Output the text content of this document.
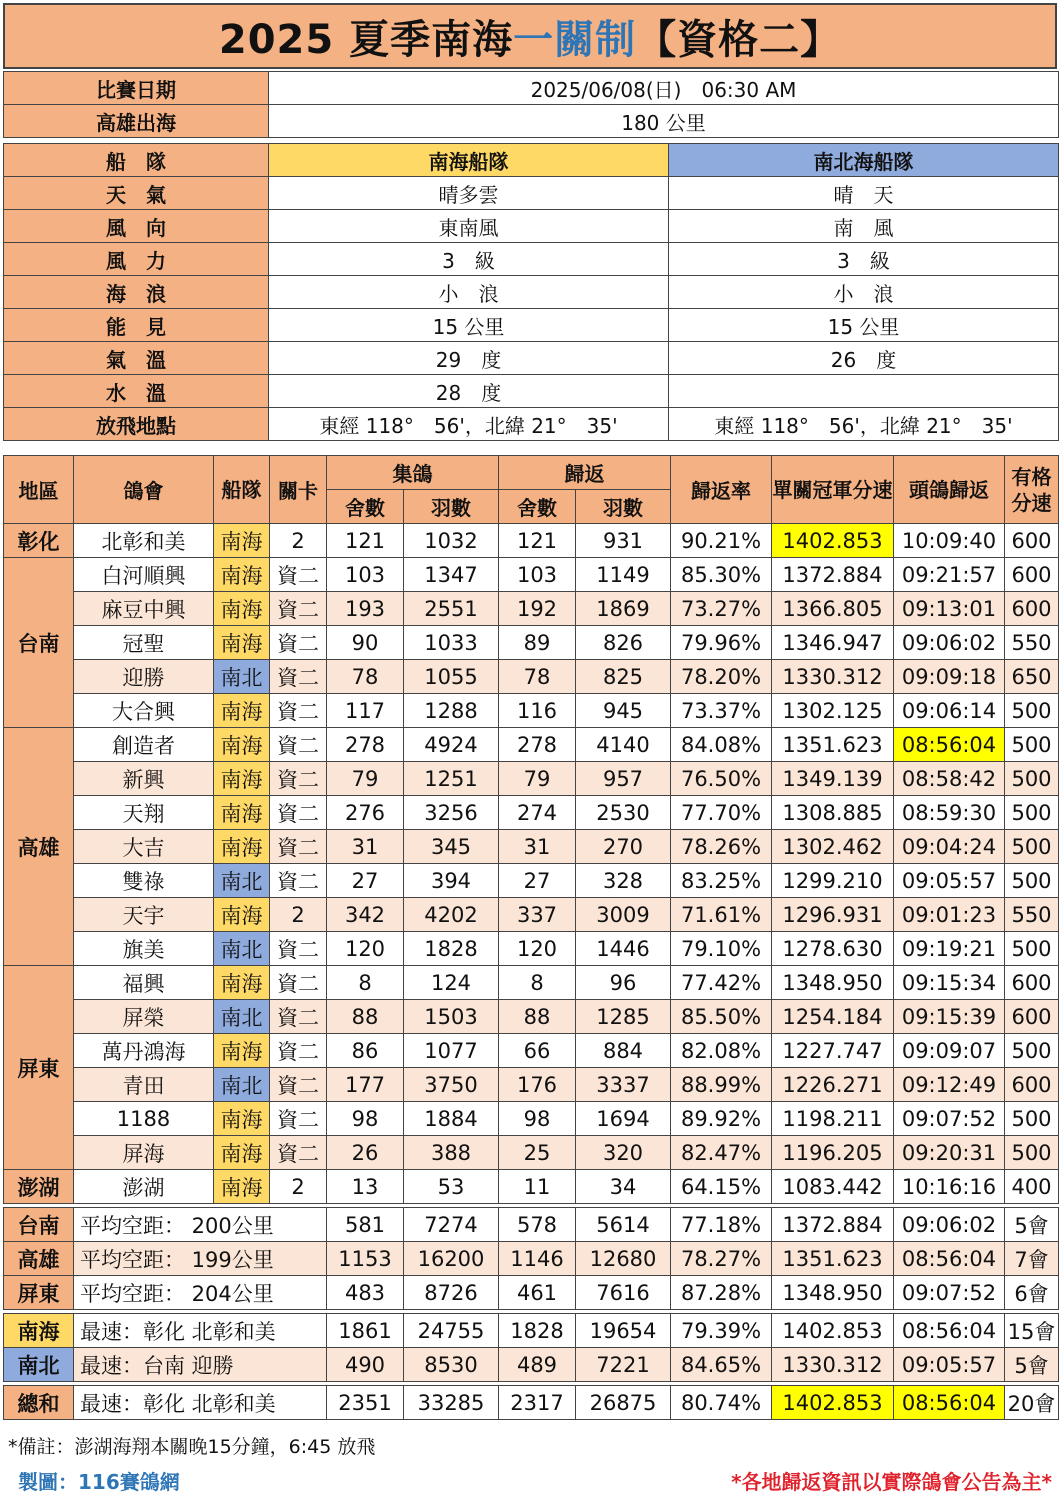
2025 夏季南海 一關制 【資格二】
比賽日期	2025/06/08(日)　06:30 AM
高雄出海	180 公里
船　隊	南海船隊	南北海船隊
天　氣	晴多雲	晴　天
風　向	東南風	南　風
風　力	3　級	3　級
海　浪	小　浪	小　浪
能　見	15 公里	15 公里
氣　溫	29　度	26　度
水　溫	28　度	
放飛地點	東經 118°　56'，北緯 21°　35'	東經 118°　56'，北緯 21°　35'
地區	鴿會	船隊	關卡	集鴿		歸返		歸返率	單關冠軍分速	頭鴿歸返	有格分速
				舍數	羽數	舍數	羽數				
彰化	北彰和美	南海	2	121	1032	121	931	90.21%	1402.853	10:09:40	600
台南	白河順興	南海	資二	103	1347	103	1149	85.30%	1372.884	09:21:57	600
	麻豆中興	南海	資二	193	2551	192	1869	73.27%	1366.805	09:13:01	600
	冠聖	南海	資二	90	1033	89	826	79.96%	1346.947	09:06:02	550
	迎勝	南北	資二	78	1055	78	825	78.20%	1330.312	09:09:18	650
	大合興	南海	資二	117	1288	116	945	73.37%	1302.125	09:06:14	500
高雄	創造者	南海	資二	278	4924	278	4140	84.08%	1351.623	08:56:04	500
	新興	南海	資二	79	1251	79	957	76.50%	1349.139	08:58:42	500
	天翔	南海	資二	276	3256	274	2530	77.70%	1308.885	08:59:30	500
	大吉	南海	資二	31	345	31	270	78.26%	1302.462	09:04:24	500
	雙祿	南北	資二	27	394	27	328	83.25%	1299.210	09:05:57	500
	天宇	南海	2	342	4202	337	3009	71.61%	1296.931	09:01:23	550
	旗美	南北	資二	120	1828	120	1446	79.10%	1278.630	09:19:21	500
屏東	福興	南海	資二	8	124	8	96	77.42%	1348.950	09:15:34	600
	屏榮	南北	資二	88	1503	88	1285	85.50%	1254.184	09:15:39	600
	萬丹鴻海	南海	資二	86	1077	66	884	82.08%	1227.747	09:09:07	500
	青田	南北	資二	177	3750	176	3337	88.99%	1226.271	09:12:49	600
	1188	南海	資二	98	1884	98	1694	89.92%	1198.211	09:07:52	500
	屏海	南海	資二	26	388	25	320	82.47%	1196.205	09:20:31	500
澎湖	澎湖	南海	2	13	53	11	34	64.15%	1083.442	10:16:16	400

台南	平均空距： 200公里			581	7274	578	5614	77.18%	1372.884	09:06:02	5會
高雄	平均空距： 199公里			1153	16200	1146	12680	78.27%	1351.623	08:56:04	7會
屏東	平均空距： 204公里			483	8726	461	7616	87.28%	1348.950	09:07:52	6會

南海	最速：彰化 北彰和美			1861	24755	1828	19654	79.39%	1402.853	08:56:04	15會
南北	最速：台南 迎勝			490	8530	489	7221	84.65%	1330.312	09:05:57	5會

總和	最速：彰化 北彰和美			2351	33285	2317	26875	80.74%	1402.853	08:56:04	20會
*備註：澎湖海翔本關晚15分鐘，6:45 放飛
製圖：116賽鴿網	*各地歸返資訊以實際鴿會公告為主*
